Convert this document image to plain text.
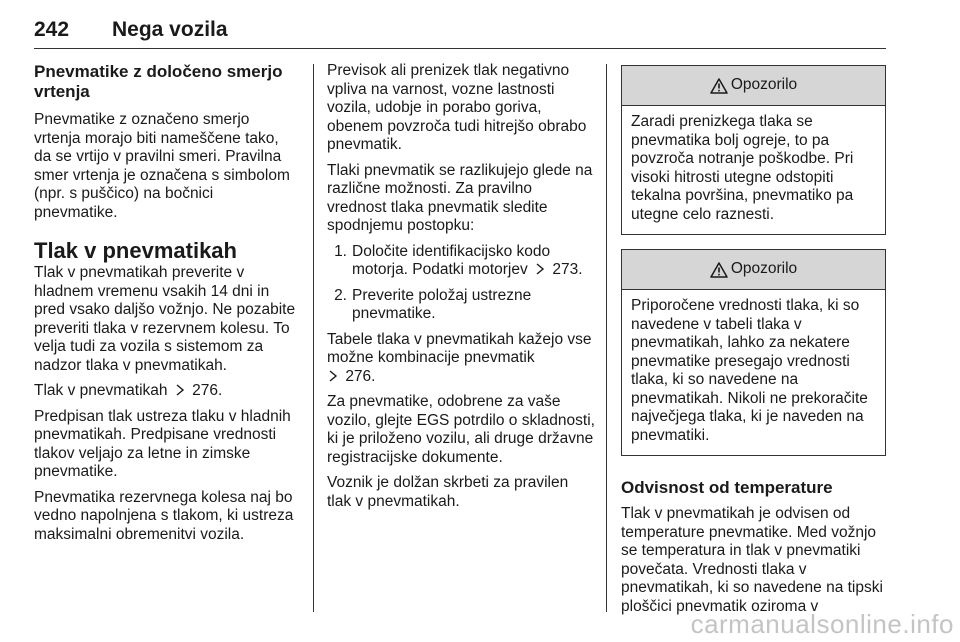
242 Nega vozila
Pnevmatike z določeno smerjo vrtenja

Pnevmatike z označeno smerjo vrtenja morajo biti nameščene tako, da se vrtijo v pravilni smeri. Pravilna smer vrtenja je označena s simbolom (npr. s puščico) na bočnici pnevmatike.

Tlak v pnevmatikah

Tlak v pnevmatikah preverite v hladnem vremenu vsakih 14 dni in pred vsako daljšo vožnjo. Ne pozabite preveriti tlaka v rezervnem kolesu. To velja tudi za vozila s sistemom za nadzor tlaka v pnevmatikah.

Tlak v pnevmatikah 276.

Predpisan tlak ustreza tlaku v hladnih pnevmatikah. Predpisane vrednosti tlakov veljajo za letne in zimske pnevmatike.

Pnevmatika rezervnega kolesa naj bo vedno napolnjena s tlakom, ki ustreza maksimalni obremenitvi vozila.

Previsok ali prenizek tlak negativno vpliva na varnost, vozne lastnosti vozila, udobje in porabo goriva, obenem povzroča tudi hitrejšo obrabo pnevmatik.

Tlaki pnevmatik se razlikujejo glede na različne možnosti. Za pravilno vrednost tlaka pnevmatik sledite spodnjemu postopku:

1. Določite identifikacijsko kodo motorja. Podatki motorjev 273.
2. Preverite položaj ustrezne pnevmatike.

Tabele tlaka v pnevmatikah kažejo vse možne kombinacije pnevmatik
276.

Za pnevmatike, odobrene za vaše vozilo, glejte EGS potrdilo o skladnosti, ki je priloženo vozilu, ali druge državne registracijske dokumente.

Voznik je dolžan skrbeti za pravilen tlak v pnevmatikah.

Opozorilo
Zaradi prenizkega tlaka se pnevmatika bolj ogreje, to pa povzroča notranje poškodbe. Pri visoki hitrosti utegne odstopiti tekalna površina, pnevmatiko pa utegne celo raznesti.
Opozorilo
Priporočene vrednosti tlaka, ki so navedene v tabeli tlaka v pnevmatikah, lahko za nekatere pnevmatike presegajo vrednosti tlaka, ki so navedene na pnevmatikah. Nikoli ne prekoračite največjega tlaka, ki je naveden na pnevmatiki.
Odvisnost od temperature

Tlak v pnevmatikah je odvisen od temperature pnevmatike. Med vožnjo se temperatura in tlak v pnevmatiki povečata. Vrednosti tlaka v pnevmatikah, ki so navedene na tipski ploščici pnevmatik oziroma v

carmanualsonline.info
